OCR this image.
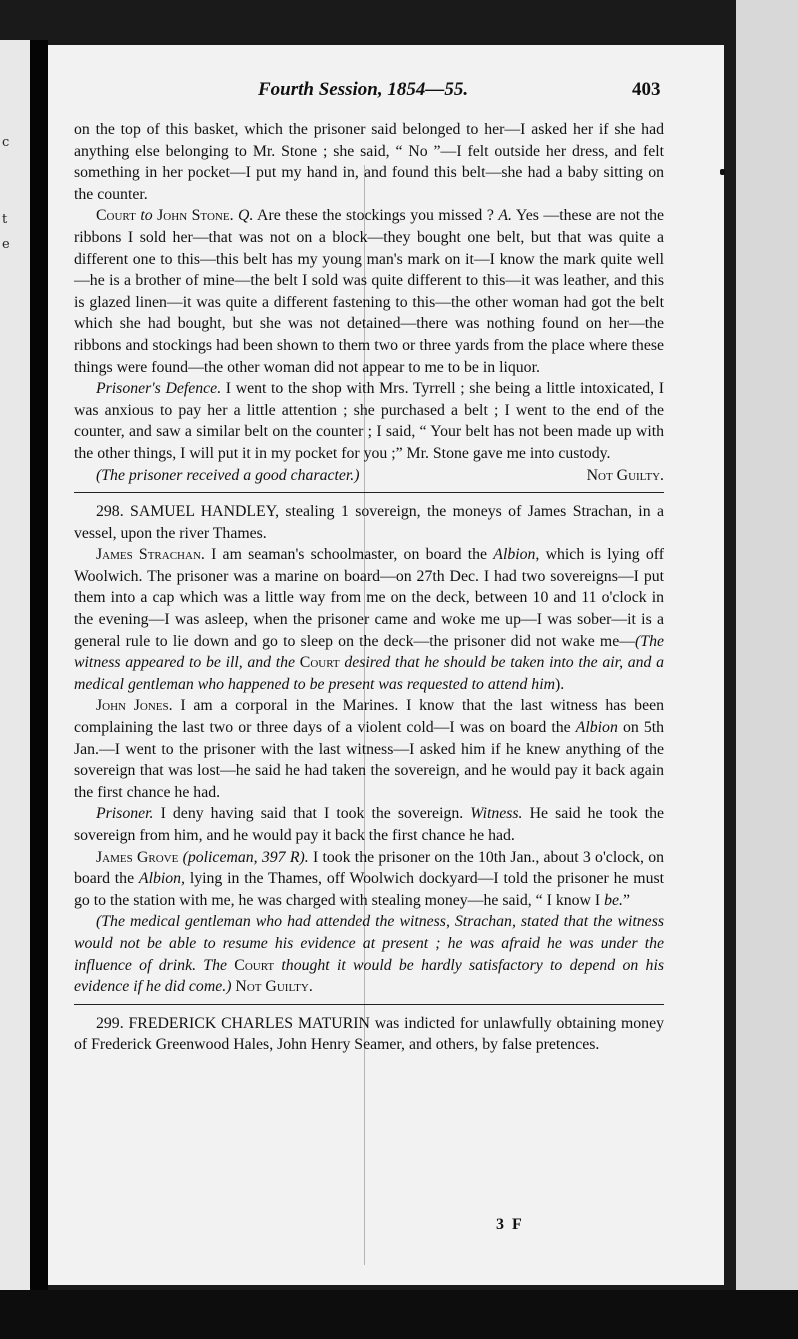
c
t
e
Fourth Session, 1854—55.	403

on the top of this basket, which the prisoner said belonged to her—I asked her if she had anything else belonging to Mr. Stone ; she said, “ No ”—I felt outside her dress, and felt something in her pocket—I put my hand in, and found this belt—she had a baby sitting on the counter.

Court to John Stone. Q. Are these the stockings you missed ? A. Yes —these are not the ribbons I sold her—that was not on a block—they bought one belt, but that was quite a different one to this—this belt has my young man's mark on it—I know the mark quite well—he is a brother of mine—the belt I sold was quite different to this—it was leather, and this is glazed linen—it was quite a different fastening to this—the other woman had got the belt which she had bought, but she was not detained—there was nothing found on her—the ribbons and stockings had been shown to them two or three yards from the place where these things were found—the other woman did not appear to me to be in liquor.

Prisoner's Defence. I went to the shop with Mrs. Tyrrell ; she being a little intoxicated, I was anxious to pay her a little attention ; she purchased a belt ; I went to the end of the counter, and saw a similar belt on the counter ; I said, “ Your belt has not been made up with the other things, I will put it in my pocket for you ;” Mr. Stone gave me into custody.

(The prisoner received a good character.)	Not Guilty.

298. SAMUEL HANDLEY, stealing 1 sovereign, the moneys of James Strachan, in a vessel, upon the river Thames.

James Strachan. I am seaman's schoolmaster, on board the Albion, which is lying off Woolwich. The prisoner was a marine on board—on 27th Dec. I had two sovereigns—I put them into a cap which was a little way from me on the deck, between 10 and 11 o'clock in the evening—I was asleep, when the prisoner came and woke me up—I was sober—it is a general rule to lie down and go to sleep on the deck—the prisoner did not wake me—(The witness appeared to be ill, and the Court desired that he should be taken into the air, and a medical gentleman who happened to be present was requested to attend him).

John Jones. I am a corporal in the Marines. I know that the last witness has been complaining the last two or three days of a violent cold—I was on board the Albion on 5th Jan.—I went to the prisoner with the last witness—I asked him if he knew anything of the sovereign that was lost—he said he had taken the sovereign, and he would pay it back again the first chance he had.

Prisoner. I deny having said that I took the sovereign. Witness. He said he took the sovereign from him, and he would pay it back the first chance he had.

James Grove (policeman, 397 R). I took the prisoner on the 10th Jan., about 3 o'clock, on board the Albion, lying in the Thames, off Woolwich dockyard—I told the prisoner he must go to the station with me, he was charged with stealing money—he said, “ I know I be.”

(The medical gentleman who had attended the witness, Strachan, stated that the witness would not be able to resume his evidence at present ; he was afraid he was under the influence of drink. The Court thought it would be hardly satisfactory to depend on his evidence if he did come.) Not Guilty.

299. FREDERICK CHARLES MATURIN was indicted for unlawfully obtaining money of Frederick Greenwood Hales, John Henry Seamer, and others, by false pretences.

3 F
